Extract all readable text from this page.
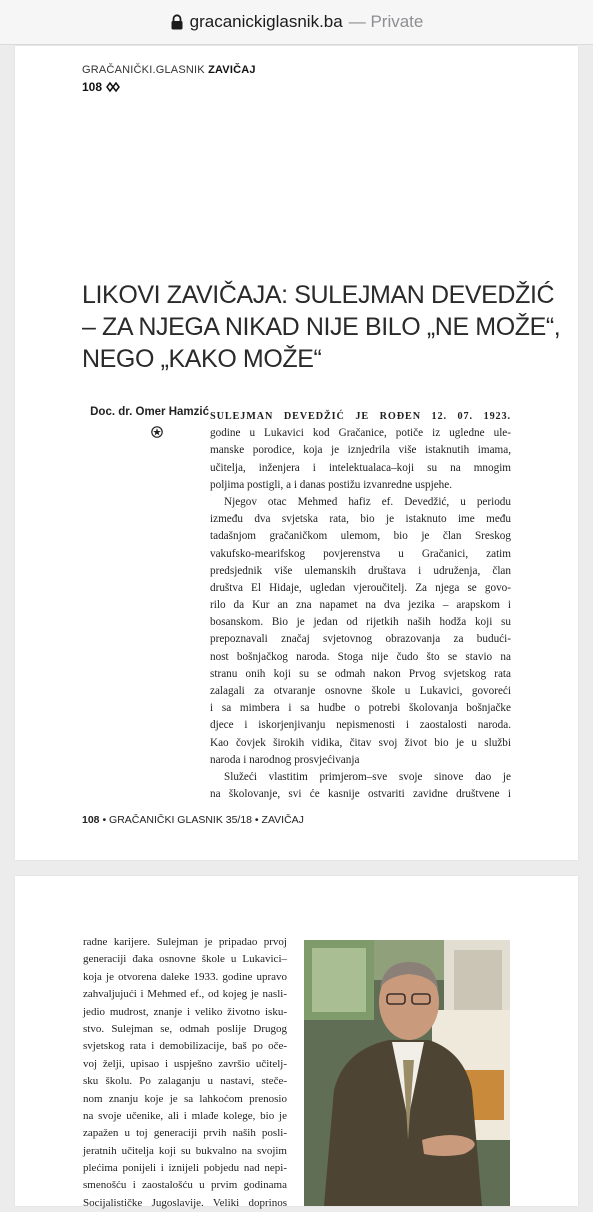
gracanickiglasnik.ba — Private
GRAČANIČKI.GLASNIK ZAVIČAJ
108
LIKOVI ZAVIČAJA: SULEJMAN DEVEDŽIĆ
– ZA NJEGA NIKAD NIJE BILO „NE MOŽE“,
NEGO „KAKO MOŽE“
Doc. dr. Omer Hamzić SULEJMAN DEVEDŽIĆ JE ROĐEN 12. 07. 1923.
godine u Lukavici kod Gračanice, potiče iz ugledne ule-
manske porodice, koja je iznjedrila više istaknutih imama,
učitelja, inženjera i intelektualaca–koji su na mnogim
poljima postigli, a i danas postižu izvanredne uspjehe.
Njegov otac Mehmed hafiz ef. Devedžić, u periodu
između dva svjetska rata, bio je istaknuto ime među
tadašnjom gračaničkom ulemom, bio je član Sreskog
vakufsko-mearifskog povjerenstva u Gračanici, zatim
predsjednik više ulemanskih društava i udruženja, član
društva El Hidaje, ugledan vjeroučitelj. Za njega se govo-
rilo da Kur an zna napamet na dva jezika – arapskom i
bosanskom. Bio je jedan od rijetkih naših hodža koji su
prepoznavali značaj svjetovnog obrazovanja za budući-
nost bošnjačkog naroda. Stoga nije čudo što se stavio na
stranu onih koji su se odmah nakon Prvog svjetskog rata
zalagali za otvaranje osnovne škole u Lukavici, govoreći
i sa mimbera i sa hudbe o potrebi školovanja bošnjačke
djece i iskorjenjivanju nepismenosti i zaostalosti naroda.
Kao čovjek širokih vidika, čitav svoj život bio je u službi
naroda i narodnog prosvjećivanja
Služeći vlastitim primjerom–sve svoje sinove dao je
na školovanje, svi će kasnije ostvariti zavidne društvene i
108 • GRAČANIČKI GLASNIK 35/18 • ZAVIČAJ
radne karijere. Sulejman je pripadao prvoj
generaciji đaka osnovne škole u Lukavici–
koja je otvorena daleke 1933. godine upravo
zahvaljujući i Mehmed ef., od kojeg je nasli-
jedio mudrost, znanje i veliko životno isku-
stvo. Sulejman se, odmah poslije Drugog
svjetskog rata i demobilizacije, baš po oče-
voj želji, upisao i uspješno završio učitelj-
sku školu. Po zalaganju u nastavi, steče-
nom znanju koje je sa lahkoćom prenosio
na svoje učenike, ali i mlađe kolege, bio je
zapažen u toj generaciji prvih naših posli-
jeratnih učitelja koji su bukvalno na svojim
plećima ponijeli i iznijeli pobjedu nad nepi-
smenošću i zaostalošću u prvim godinama
Socijalističke Jugoslavije. Veliki doprinos
